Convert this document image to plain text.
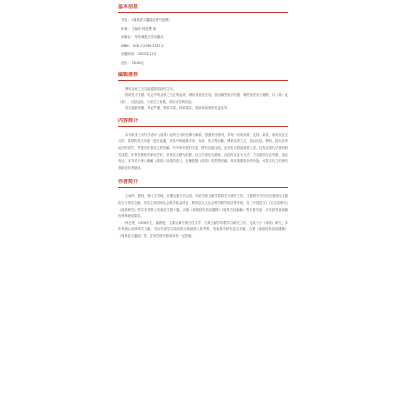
基本信息
书名：《周易语义通疏百家引述辨》
作者：王闻华 钟近贤 著
出版社：华东师范大学出版社
ISBN：978-7-5760-2347-2
出版时间：2022年11月
定价：78.00元
编辑推荐

博采众家之言以疏通周易经传文句。

将散见于文献、札记中的众家之言汇集起来，辨析其说法正误，指出哪些说法有据、哪些说法出于臆断，以《易》证《易》，以经证经，力求言之有据，得出可信的结论。

语言通俗易懂，考证严谨，资料丰富，材料翔实，是研读周易的有益参考。

内容简介

本书收录了历代学者对《周易》经传文句的注释与解说，按照卦序排列，对每一卦的卦辞、爻辞、彖传、象传以及文言传、系辞传等文句逐一进行疏通，对其中的疑难字词、句读、语义等问题，博采众家之言，加以比较、辨析，指出各家说法的得失，并提出作者自己的见解。书中所引资料丰富，既有汉唐注疏，也有宋元明清诸家之说，还有近现代学者的研究成果。作者在辨析各家说法时，坚持以文献为依据，以文字训诂为基础，以经传互证为方法，力求做到言必有据，论必有证。本书对于深入理解《周易》经传的语义，正确把握《周易》的思想内涵，具有重要的参考价值，可供古代文史研究者和爱好者阅读。

作者简介

王闻华，教授，博士生导师，长期从事古代汉语、训诂学和文献学的教学与研究工作，主要研究方向为先秦两汉文献语言与易学文献。先后主持国家社会科学基金项目、教育部人文社会科学研究项目等多项，在《中国语文》《古汉语研究》《周易研究》等学术刊物上发表论文数十篇，出版《周易经传语词通释》《周易古经新解》等专著多部，多次获得省部级优秀科研成果奖。

钟近贤，1956年生，副教授，主要从事中国古代文学、古典文献学的教学与研究工作，尤致力于《周易》研究，多年来潜心钻研易学文献，对历代易学注疏有较为系统深入的考察，发表易学研究论文多篇，合著《周易经传语词通释》《周易语义通疏》等，在易学研究领域具有一定影响。
